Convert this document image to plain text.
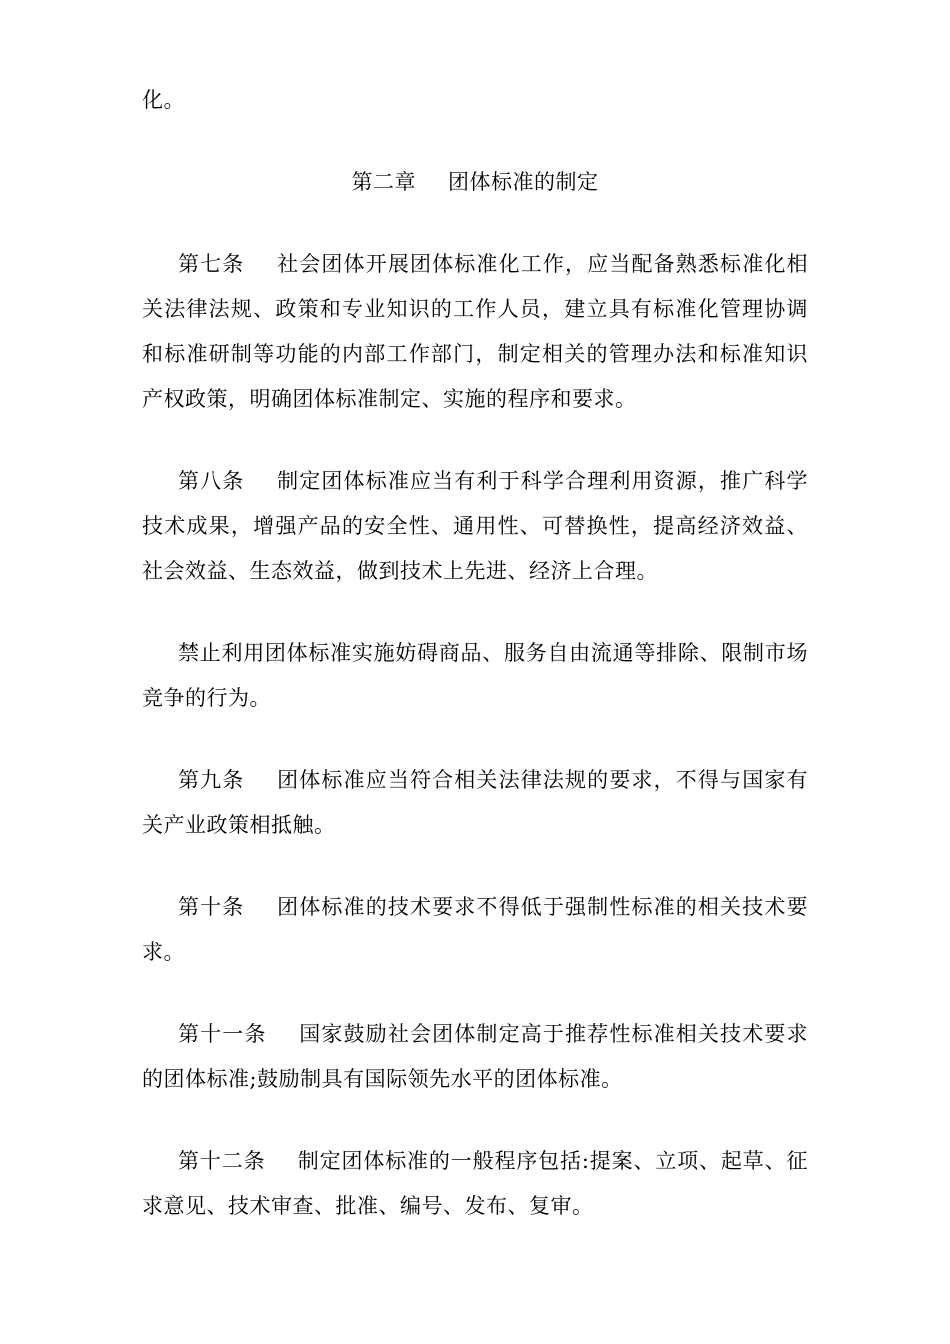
化。

第二章 团体标准的制定

第七条 社会团体开展团体标准化工作，应当配备熟悉标准化相关法律法规、政策和专业知识的工作人员，建立具有标准化管理协调和标准研制等功能的内部工作部门，制定相关的管理办法和标准知识产权政策，明确团体标准制定、实施的程序和要求。

第八条 制定团体标准应当有利于科学合理利用资源，推广科学技术成果，增强产品的安全性、通用性、可替换性，提高经济效益、社会效益、生态效益，做到技术上先进、经济上合理。

禁止利用团体标准实施妨碍商品、服务自由流通等排除、限制市场竞争的行为。

第九条 团体标准应当符合相关法律法规的要求，不得与国家有关产业政策相抵触。

第十条 团体标准的技术要求不得低于强制性标准的相关技术要求。

第十一条 国家鼓励社会团体制定高于推荐性标准相关技术要求的团体标准;鼓励制具有国际领先水平的团体标准。

第十二条 制定团体标准的一般程序包括:提案、立项、起草、征求意见、技术审查、批准、编号、发布、复审。
